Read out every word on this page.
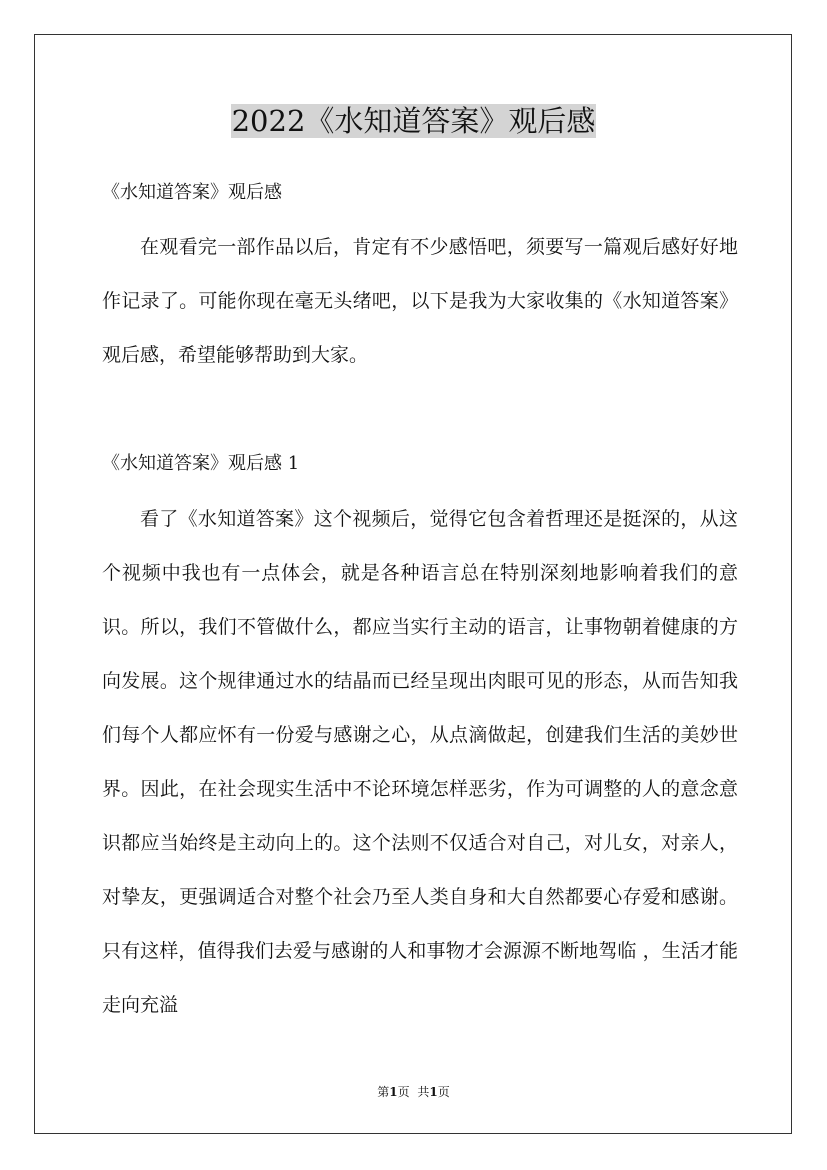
2022《水知道答案》观后感
《水知道答案》观后感

在观看完一部作品以后，肯定有不少感悟吧，须要写一篇观后感好好地作记录了。可能你现在毫无头绪吧，以下是我为大家收集的《水知道答案》观后感，希望能够帮助到大家。

《水知道答案》观后感 1

看了《水知道答案》这个视频后，觉得它包含着哲理还是挺深的，从这个视频中我也有一点体会，就是各种语言总在特别深刻地影响着我们的意识。所以，我们不管做什么，都应当实行主动的语言，让事物朝着健康的方向发展。这个规律通过水的结晶而已经呈现出肉眼可见的形态，从而告知我们每个人都应怀有一份爱与感谢之心，从点滴做起，创建我们生活的美妙世界。因此，在社会现实生活中不论环境怎样恶劣，作为可调整的人的意念意识都应当始终是主动向上的。这个法则不仅适合对自己，对儿女，对亲人，对挚友，更强调适合对整个社会乃至人类自身和大自然都要心存爱和感谢。只有这样，值得我们去爱与感谢的人和事物才会源源不断地驾临 ，生活才能走向充溢

第1页 共1页
